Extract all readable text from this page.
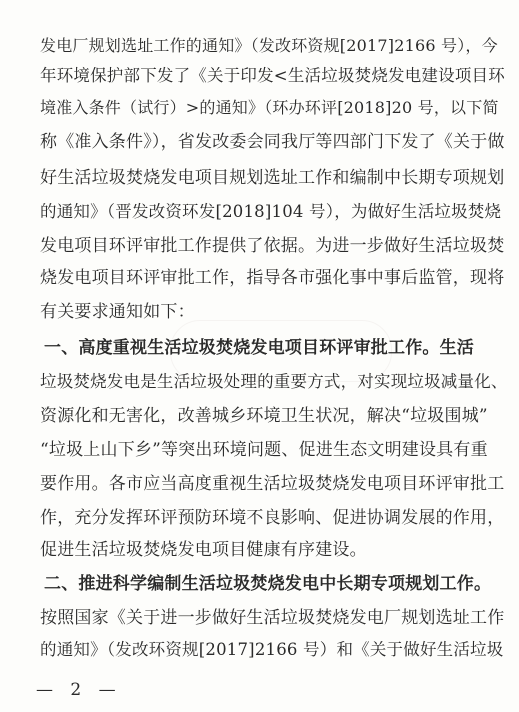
发电厂规划选址工作的通知》（发改环资规[2017]2166 号），今
年环境保护部下发了《关于印发<生活垃圾焚烧发电建设项目环
境准入条件（试行）>的通知》（环办环评[2018]20 号，以下简
称《准入条件》），省发改委会同我厅等四部门下发了《关于做
好生活垃圾焚烧发电项目规划选址工作和编制中长期专项规划
的通知》（晋发改资环发[2018]104 号），为做好生活垃圾焚烧
发电项目环评审批工作提供了依据。为进一步做好生活垃圾焚
烧发电项目环评审批工作，指导各市强化事中事后监管，现将
有关要求通知如下：
一、高度重视生活垃圾焚烧发电项目环评审批工作。生活
垃圾焚烧发电是生活垃圾处理的重要方式，对实现垃圾减量化、
资源化和无害化，改善城乡环境卫生状况，解决“垃圾围城”
“垃圾上山下乡”等突出环境问题、促进生态文明建设具有重
要作用。各市应当高度重视生活垃圾焚烧发电项目环评审批工
作，充分发挥环评预防环境不良影响、促进协调发展的作用，
促进生活垃圾焚烧发电项目健康有序建设。
二、推进科学编制生活垃圾焚烧发电中长期专项规划工作。
按照国家《关于进一步做好生活垃圾焚烧发电厂规划选址工作
的通知》（发改环资规[2017]2166 号）和《关于做好生活垃圾
— 2 —
